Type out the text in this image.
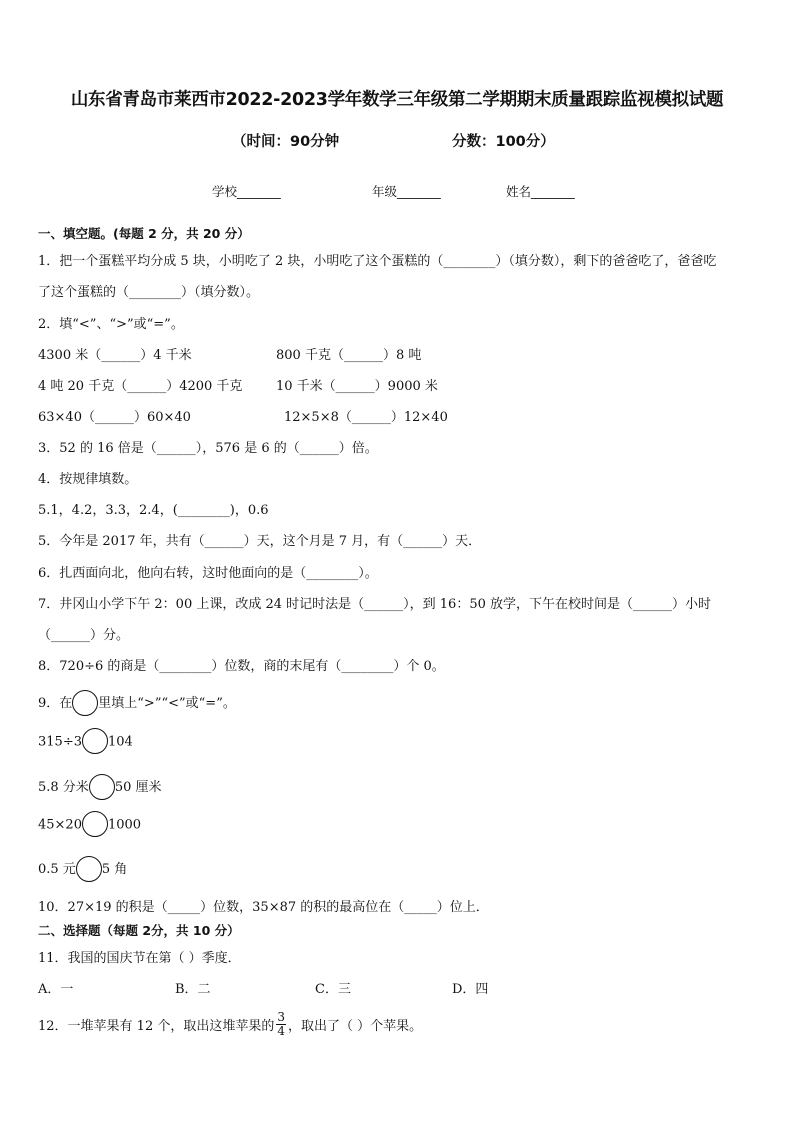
山东省青岛市莱西市2022-2023学年数学三年级第二学期期末质量跟踪监视模拟试题
（时间：90分钟	分数：100分）
学校_______	年级_______	姓名_______
一、填空题。(每题 2 分，共 20 分）
1．把一个蛋糕平均分成 5 块，小明吃了 2 块，小明吃了这个蛋糕的（________）（填分数），剩下的爸爸吃了，爸爸吃
了这个蛋糕的（________）（填分数）。
2．填“<”、“>”或“=”。
4300 米（______）4 千米	800 千克（______）8 吨
4 吨 20 千克（______）4200 千克	10 千米（______）9000 米
63×40（______）60×40	12×5×8（______）12×40
3．52 的 16 倍是（______），576 是 6 的（______）倍。
4．按规律填数。
5.1，4.2，3.3，2.4，(________)，0.6
5．今年是 2017 年，共有（______）天，这个月是 7 月，有（______）天．
6．扎西面向北，他向右转，这时他面向的是（________）。
7．井冈山小学下午 2：00 上课，改成 24 时记时法是（______），到 16：50 放学，下午在校时间是（______）小时
（______）分。
8．720÷6 的商是（________）位数，商的末尾有（________）个 0。
9．在 里填上“>”“<”或“=”。
315÷3 104
5.8 分米 50 厘米
45×20 1000
0.5 元 5 角
10．27×19 的积是（_____）位数，35×87 的积的最高位在（_____）位上．
二、选择题（每题 2分，共 10 分）
11．我国的国庆节在第（ ）季度．
A．一	B．二	C．三	D．四
12．一堆苹果有 12 个，取出这堆苹果的 $\frac{3}{4}$ ，取出了（ ）个苹果。
